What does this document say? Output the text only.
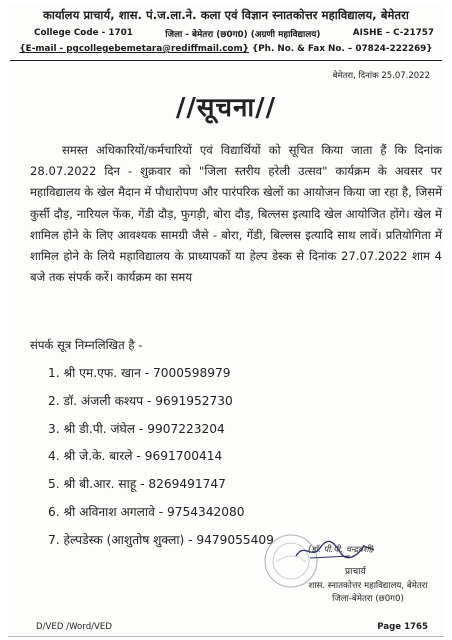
कार्यालय प्राचार्य, शास. पं.ज.ला.ने. कला एवं विज्ञान स्नातकोत्तर महाविद्यालय, बेमेतरा
College Code - 1701	जिला - बेमेतरा (छ0ग0) (अग्रणी महाविद्यालय)	AISHE – C-21757
{E-mail - pgcollegebemetara@rediffmail.com} {Ph. No. & Fax No. – 07824-222269}
बेमेतरा, दिनांक 25.07.2022
//सूचना//
समस्त अधिकारियों/कर्मचारियों एवं विद्यार्थियों को सूचित किया जाता हैं कि दिनांक 28.07.2022 दिन - शुक्रवार को "जिला स्तरीय हरेली उत्सव" कार्यक्रम के अवसर पर महाविद्यालय के खेल मैदान में पौधारोपण और पारंपरिक खेलों का आयोजन किया जा रहा है, जिसमें कुर्सी दौड़, नारियल फेंक, गेंडी दौड़, फुगड़ी, बोरा दौड़, बिल्लस इत्यादि खेल आयोजित होंगे। खेल में शामिल होने के लिए आवश्यक सामग्री जैसे - बोरा, गेंडी, बिल्लस इत्यादि साथ लावें। प्रतियोगिता में शामिल होने के लिये महाविद्यालय के प्राध्यापकों या हेल्प डेस्क से दिनांक 27.07.2022 शाम 4 बजे तक संपर्क करें। कार्यक्रम का समय
संपर्क सूत्र निम्नलिखित है -
1. श्री एम.एफ. खान - 7000598979
2. डॉ. अंजली कश्यप - 9691952730
3. श्री डी.पी. जंघेल - 9907223204
4. श्री जे.के. बारले - 9691700414
5. श्री बी.आर. साहू - 8269491747
6. श्री अविनाश अगलावे - 9754342080
7. हेल्पडेस्क (आशुतोष शुक्ला) - 9479055409
(डॉ. पी.पी. चन्द्रवंशी)
प्राचार्य
शास. स्नातकोत्तर महाविद्यालय, बेमेतरा
जिला-बेमेतरा (छ0ग0)
D/VED /Word/VED	Page 1765
